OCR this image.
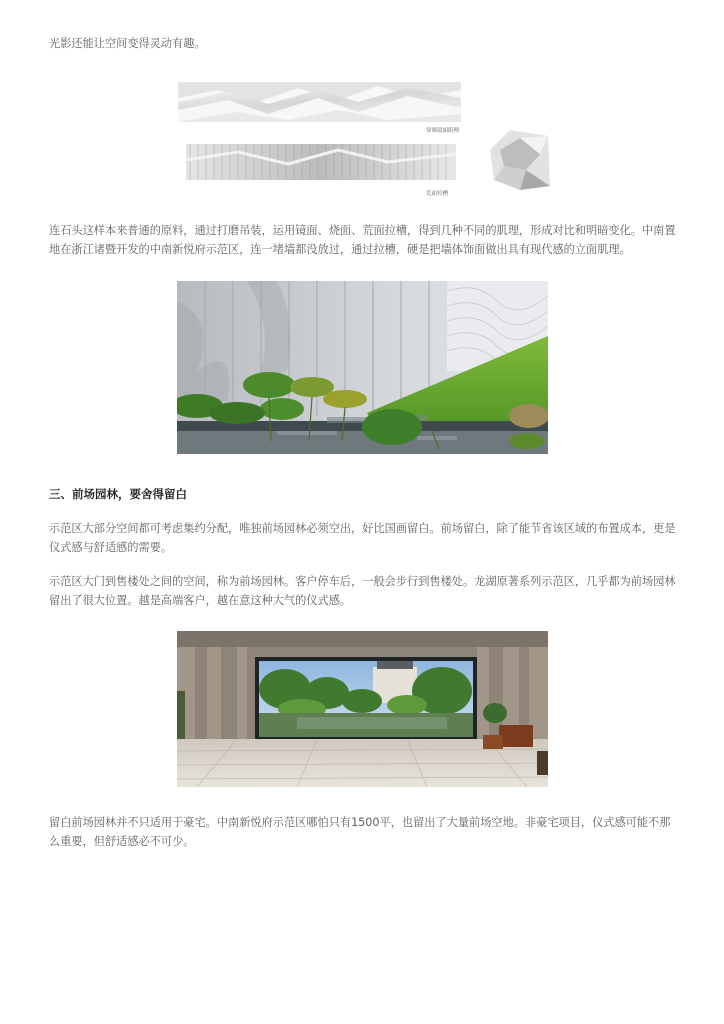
光影还能让空间变得灵动有趣。

穿墙镜面肌理
荒面拉槽

连石头这样本来普通的原料，通过打磨吊装，运用镜面、烧面、荒面拉槽，得到几种不同的肌理，形成对比和明暗变化。中南置地在浙江诸暨开发的中南新悦府示范区，连一堵墙都没放过，通过拉槽，硬是把墙体饰面做出具有现代感的立面肌理。

三、前场园林，要舍得留白

示范区大部分空间都可考虑集约分配，唯独前场园林必须空出，好比国画留白。前场留白，除了能节省该区域的布置成本，更是仪式感与舒适感的需要。

示范区大门到售楼处之间的空间，称为前场园林。客户停车后，一般会步行到售楼处。龙湖原著系列示范区，几乎都为前场园林留出了很大位置。越是高端客户，越在意这种大气的仪式感。

留白前场园林并不只适用于豪宅。中南新悦府示范区哪怕只有1500平，也留出了大量前场空地。非豪宅项目，仪式感可能不那么重要，但舒适感必不可少。
